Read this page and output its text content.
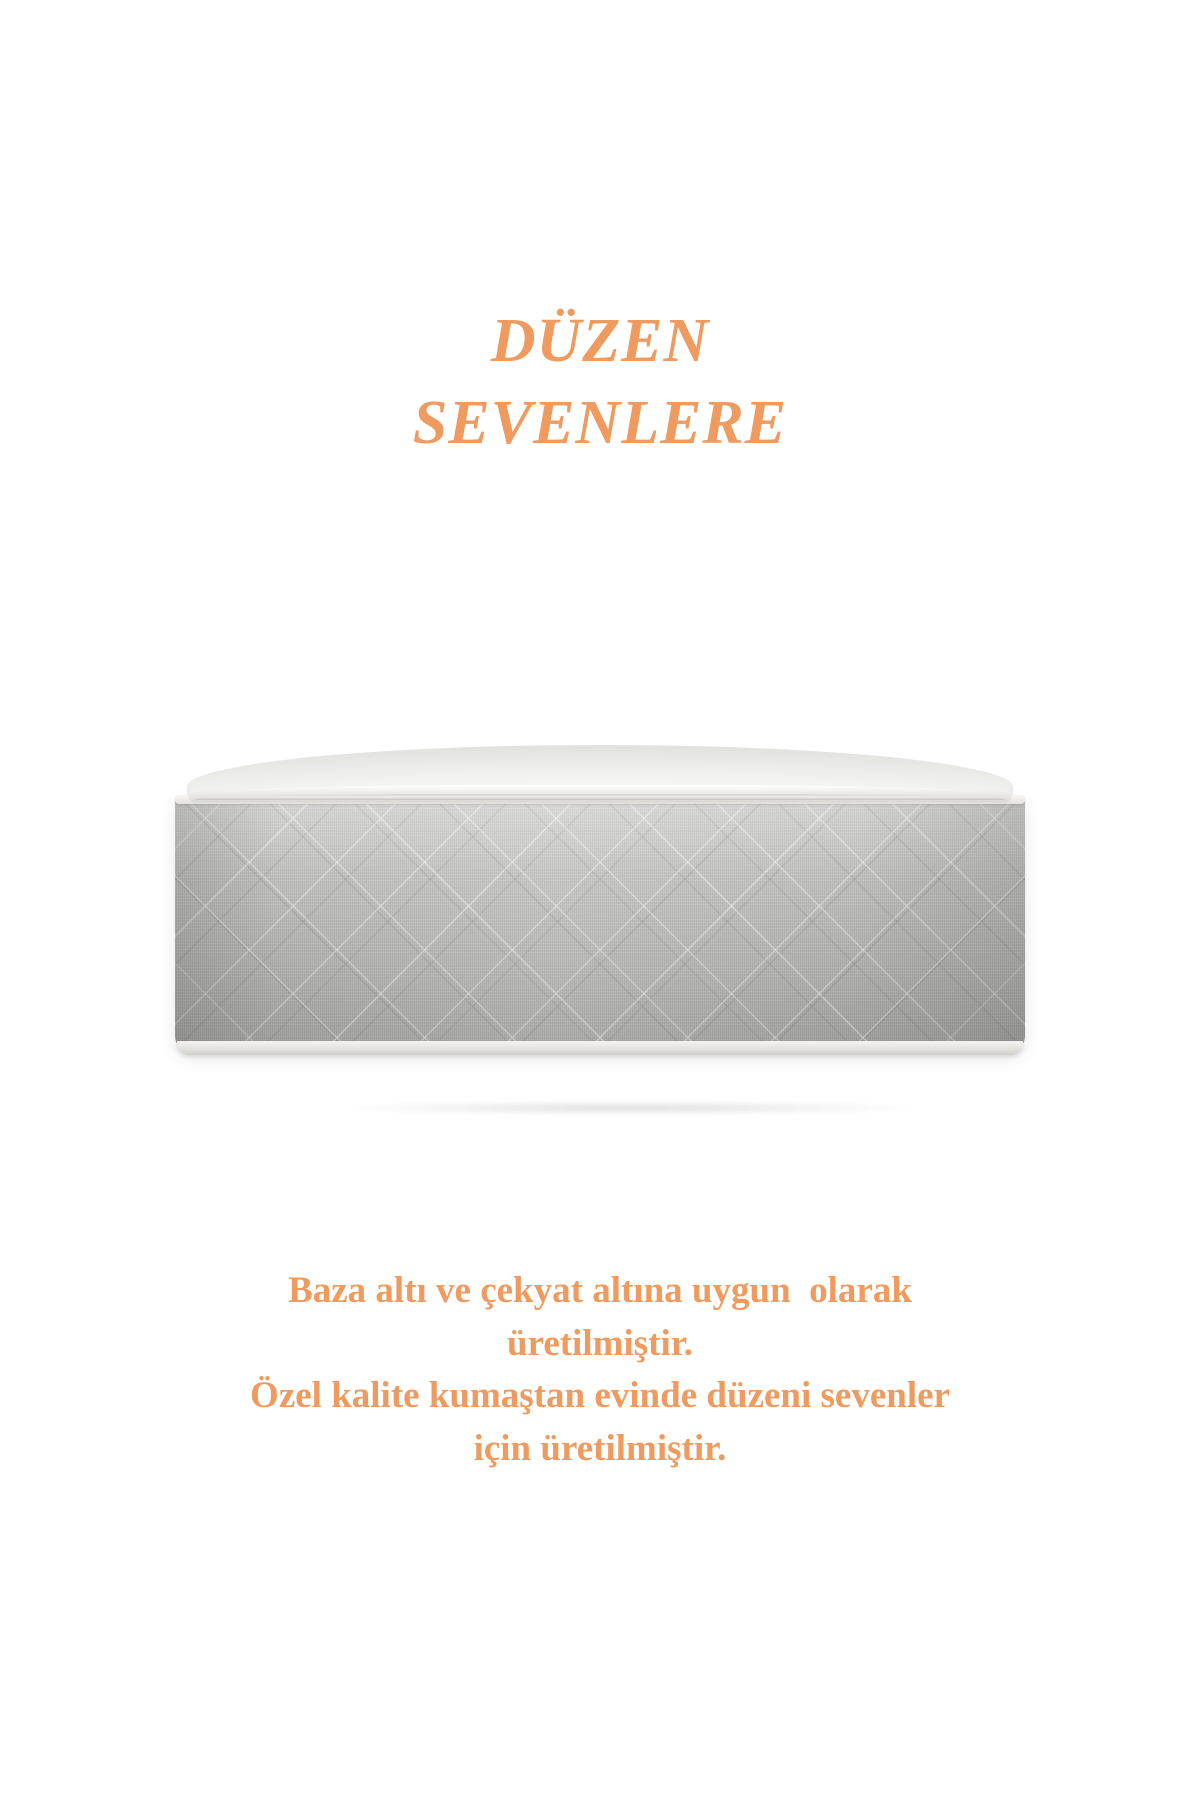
DÜZEN
SEVENLERE
Baza altı ve çekyat altına uygun  olarak
üretilmiştir.
Özel kalite kumaştan evinde düzeni sevenler
için üretilmiştir.
